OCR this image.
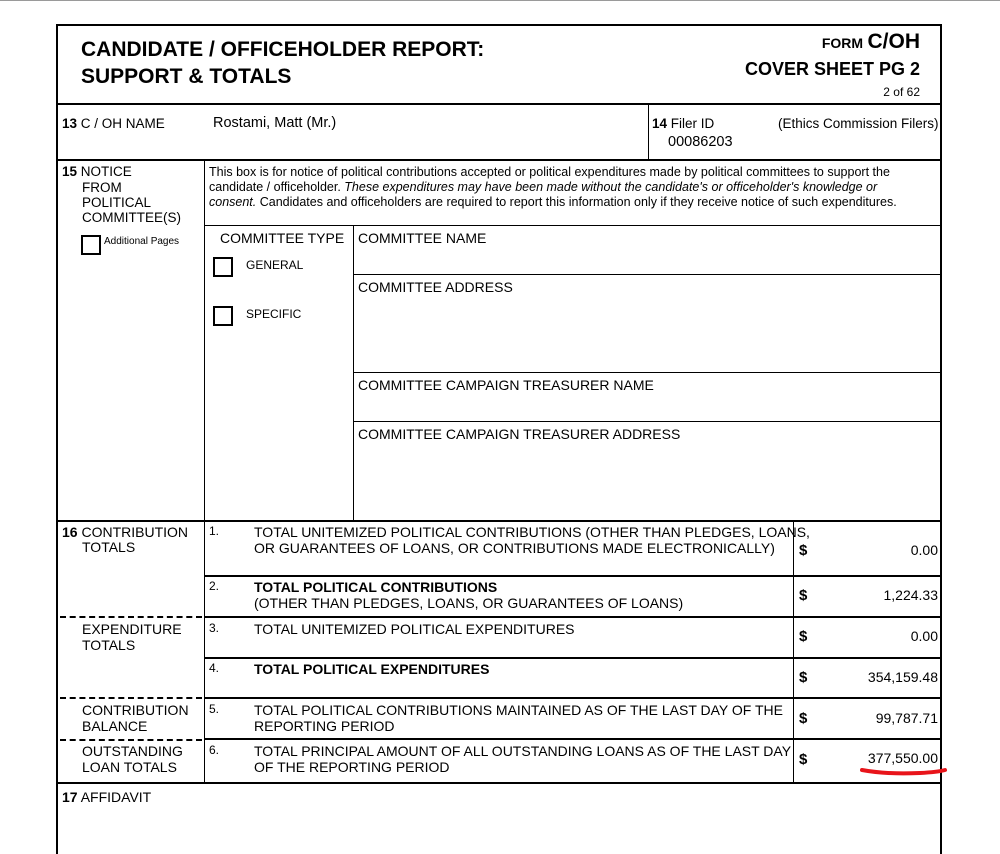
CANDIDATE / OFFICEHOLDER REPORT:
SUPPORT & TOTALS
FORM C/OH
COVER SHEET PG 2
2 of 62
13 C / OH NAME	Rostami, Matt (Mr.)	14 Filer ID	(Ethics Commission Filers)
00086203
15 NOTICE
FROM
POLITICAL
COMMITTEE(S)
Additional Pages
This box is for notice of political contributions accepted or political expenditures made by political committees to support the
candidate / officeholder. These expenditures may have been made without the candidate's or officeholder's knowledge or
consent. Candidates and officeholders are required to report this information only if they receive notice of such expenditures.
COMMITTEE TYPE
GENERAL
SPECIFIC
COMMITTEE NAME
COMMITTEE ADDRESS
COMMITTEE CAMPAIGN TREASURER NAME
COMMITTEE CAMPAIGN TREASURER ADDRESS
16 CONTRIBUTION
TOTALS
EXPENDITURE
TOTALS
CONTRIBUTION
BALANCE
OUTSTANDING
LOAN TOTALS
1. TOTAL UNITEMIZED POLITICAL CONTRIBUTIONS (OTHER THAN PLEDGES, LOANS,
OR GUARANTEES OF LOANS, OR CONTRIBUTIONS MADE ELECTRONICALLY)	$	0.00
2. TOTAL POLITICAL CONTRIBUTIONS
(OTHER THAN PLEDGES, LOANS, OR GUARANTEES OF LOANS)	$	1,224.33
3. TOTAL UNITEMIZED POLITICAL EXPENDITURES	$	0.00
4. TOTAL POLITICAL EXPENDITURES	$	354,159.48
5. TOTAL POLITICAL CONTRIBUTIONS MAINTAINED AS OF THE LAST DAY OF THE
REPORTING PERIOD	$	99,787.71
6. TOTAL PRINCIPAL AMOUNT OF ALL OUTSTANDING LOANS AS OF THE LAST DAY
OF THE REPORTING PERIOD	$	377,550.00
17 AFFIDAVIT
